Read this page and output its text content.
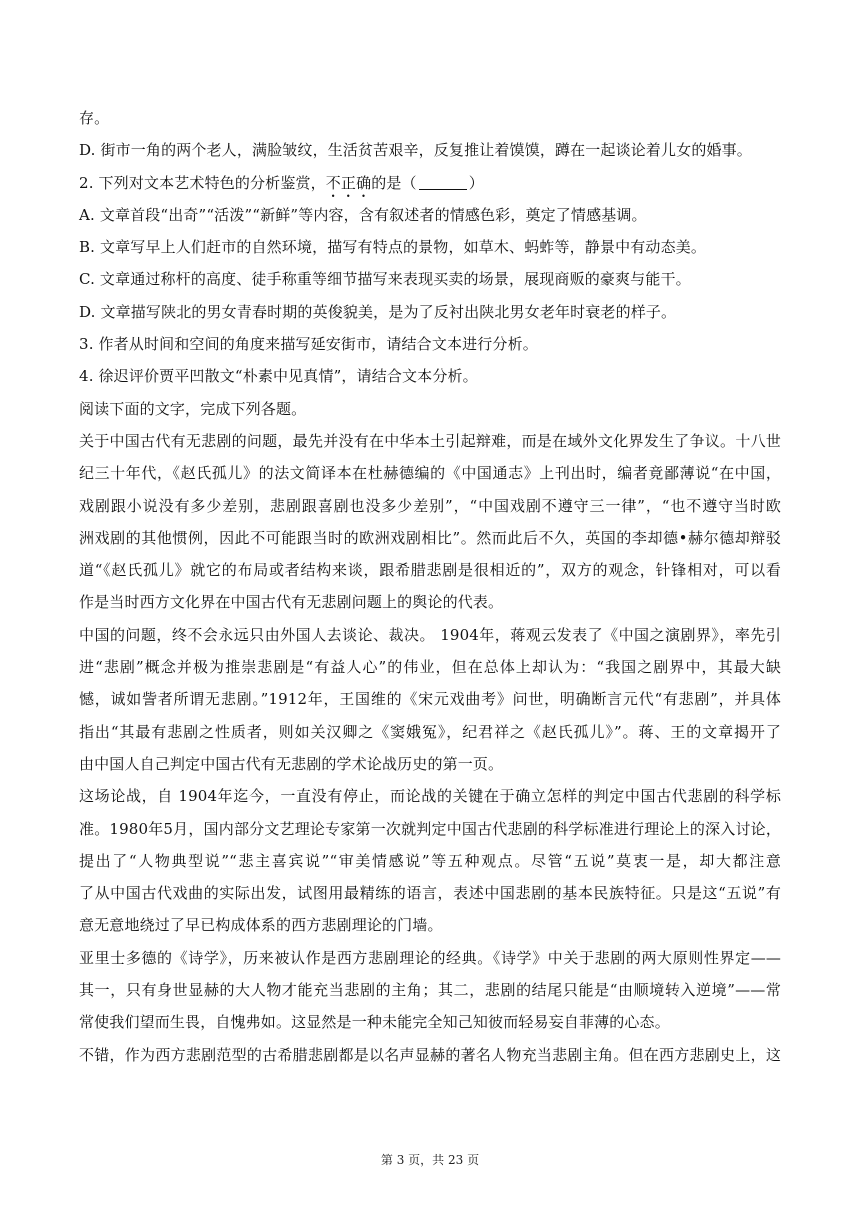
存。
D. 街市一角的两个老人，满脸皱纹，生活贫苦艰辛，反复推让着馍馍，蹲在一起谈论着儿女的婚事。
2. 下列对文本艺术特色的分析鉴赏，不正确的是（	）
A. 文章首段“出奇”“活泼”“新鲜”等内容，含有叙述者的情感色彩，奠定了情感基调。
B. 文章写早上人们赶市的自然环境，描写有特点的景物，如草木、蚂蚱等，静景中有动态美。
C. 文章通过称杆的高度、徒手称重等细节描写来表现买卖的场景，展现商贩的豪爽与能干。
D. 文章描写陕北的男女青春时期的英俊貌美，是为了反衬出陕北男女老年时衰老的样子。
3. 作者从时间和空间的角度来描写延安街市，请结合文本进行分析。
4. 徐迟评价贾平凹散文“朴素中见真情”，请结合文本分析。
阅读下面的文字，完成下列各题。
关于中国古代有无悲剧的问题，最先并没有在中华本土引起辩难，而是在域外文化界发生了争议。十八世
纪三十年代，《赵氏孤儿》的法文简译本在杜赫德编的《中国通志》上刊出时，编者竟鄙薄说“在中国，
戏剧跟小说没有多少差别，悲剧跟喜剧也没多少差别”，“中国戏剧不遵守三一律”，“也不遵守当时欧
洲戏剧的其他惯例，因此不可能跟当时的欧洲戏剧相比”。然而此后不久，英国的李却德•赫尔德却辩驳
道“《赵氏孤儿》就它的布局或者结构来谈，跟希腊悲剧是很相近的”，双方的观念，针锋相对，可以看
作是当时西方文化界在中国古代有无悲剧问题上的舆论的代表。
中国的问题，终不会永远只由外国人去谈论、裁决。 1904年，蒋观云发表了《中国之演剧界》，率先引
进“悲剧”概念并极为推崇悲剧是“有益人心”的伟业，但在总体上却认为：“我国之剧界中，其最大缺
憾，诚如訾者所谓无悲剧。”1912年，王国维的《宋元戏曲考》问世，明确断言元代“有悲剧”，并具体
指出“其最有悲剧之性质者，则如关汉卿之《窦娥冤》，纪君祥之《赵氏孤儿》”。蒋、王的文章揭开了
由中国人自己判定中国古代有无悲剧的学术论战历史的第一页。
这场论战，自 1904年迄今，一直没有停止，而论战的关键在于确立怎样的判定中国古代悲剧的科学标
准。1980年5月，国内部分文艺理论专家第一次就判定中国古代悲剧的科学标准进行理论上的深入讨论，
提出了“人物典型说”“悲主喜宾说”“审美情感说”等五种观点。尽管“五说”莫衷一是，却大都注意
了从中国古代戏曲的实际出发，试图用最精练的语言，表述中国悲剧的基本民族特征。只是这“五说”有
意无意地绕过了早已构成体系的西方悲剧理论的门墙。
亚里士多德的《诗学》，历来被认作是西方悲剧理论的经典。《诗学》中关于悲剧的两大原则性界定——
其一，只有身世显赫的大人物才能充当悲剧的主角；其二，悲剧的结尾只能是“由顺境转入逆境”——常
常使我们望而生畏，自愧弗如。这显然是一种未能完全知己知彼而轻易妄自菲薄的心态。
不错，作为西方悲剧范型的古希腊悲剧都是以名声显赫的著名人物充当悲剧主角。但在西方悲剧史上，这
第 3 页，共 23 页
